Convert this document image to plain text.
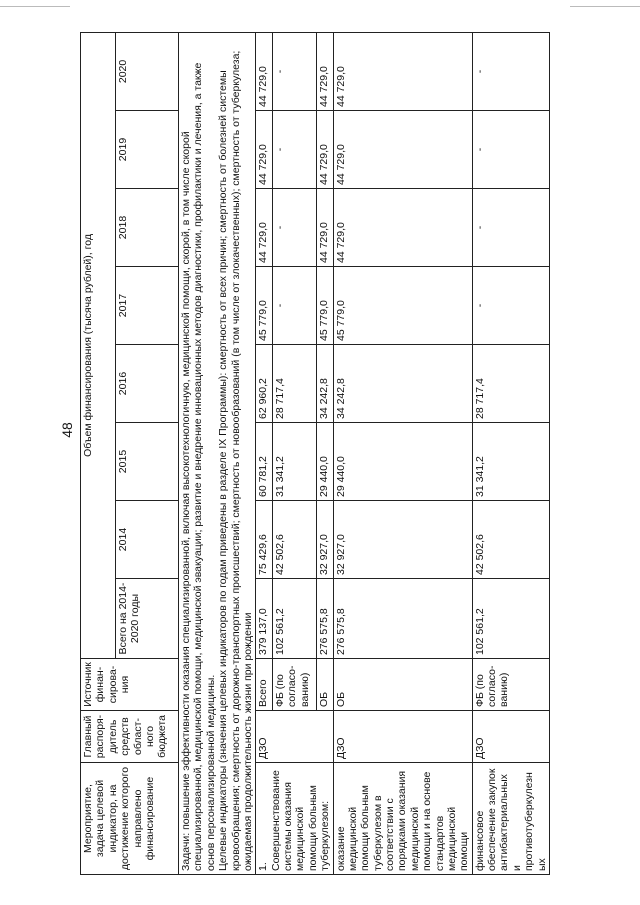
48
Мероприятие, задача целевой индикатор, на достижение которого направлено финансирование	Главный распоря-дитель средств област-ного бюджета	Источник финан-сирова-ния	Объем финансирования (тысяча рублей), год							
			Всего на 2014-2020 годы	2014	2015	2016	2017	2018	2019	2020

Задачи: повышение эффективности оказания специализированной, включая высокотехнологичную, медицинской помощи, скорой, в том числе скорой специализированной, медицинской помощи, медицинской эвакуации; развитие и внедрение инновационных методов диагностики, профилактики и лечения, а также основ персонализированной медицины. Целевые индикаторы (значения целевых индикаторов по годам приведены в разделе IX Программы): смертность от всех причин; смертность от болезней системы кровообращения; смертность от дорожно-транспортных происшествий; смертность от новообразований (в том числе от злокачественных); смертность от туберкулеза; ожидаемая продолжительность жизни при рождении										

1. Совершенствование системы оказания медицинской помощи больным туберкулезом:	ДЗО	Всего	379 137,0	75 429,6	60 781,2	62 960,2	45 779,0	44 729,0	44 729,0	44 729,0
		ФБ (по согласо-ванию)	102 561,2	42 502,6	31 341,2	28 717,4	-	-	-	-
		ОБ	276 575,8	32 927,0	29 440,0	34 242,8	45 779,0	44 729,0	44 729,0	44 729,0
оказание медицинской помощи больным туберкулезом в соответствии с порядками оказания медицинской помощи и на основе стандартов медицинской помощи	ДЗО	ОБ	276 575,8	32 927,0	29 440,0	34 242,8	45 779,0	44 729,0	44 729,0	44 729,0
финансовое обеспечение закупок антибактериальных и противотуберкулезных	ДЗО	ФБ (по согласо-ванию)	102 561,2	42 502,6	31 341,2	28 717,4	-	-	-	-
